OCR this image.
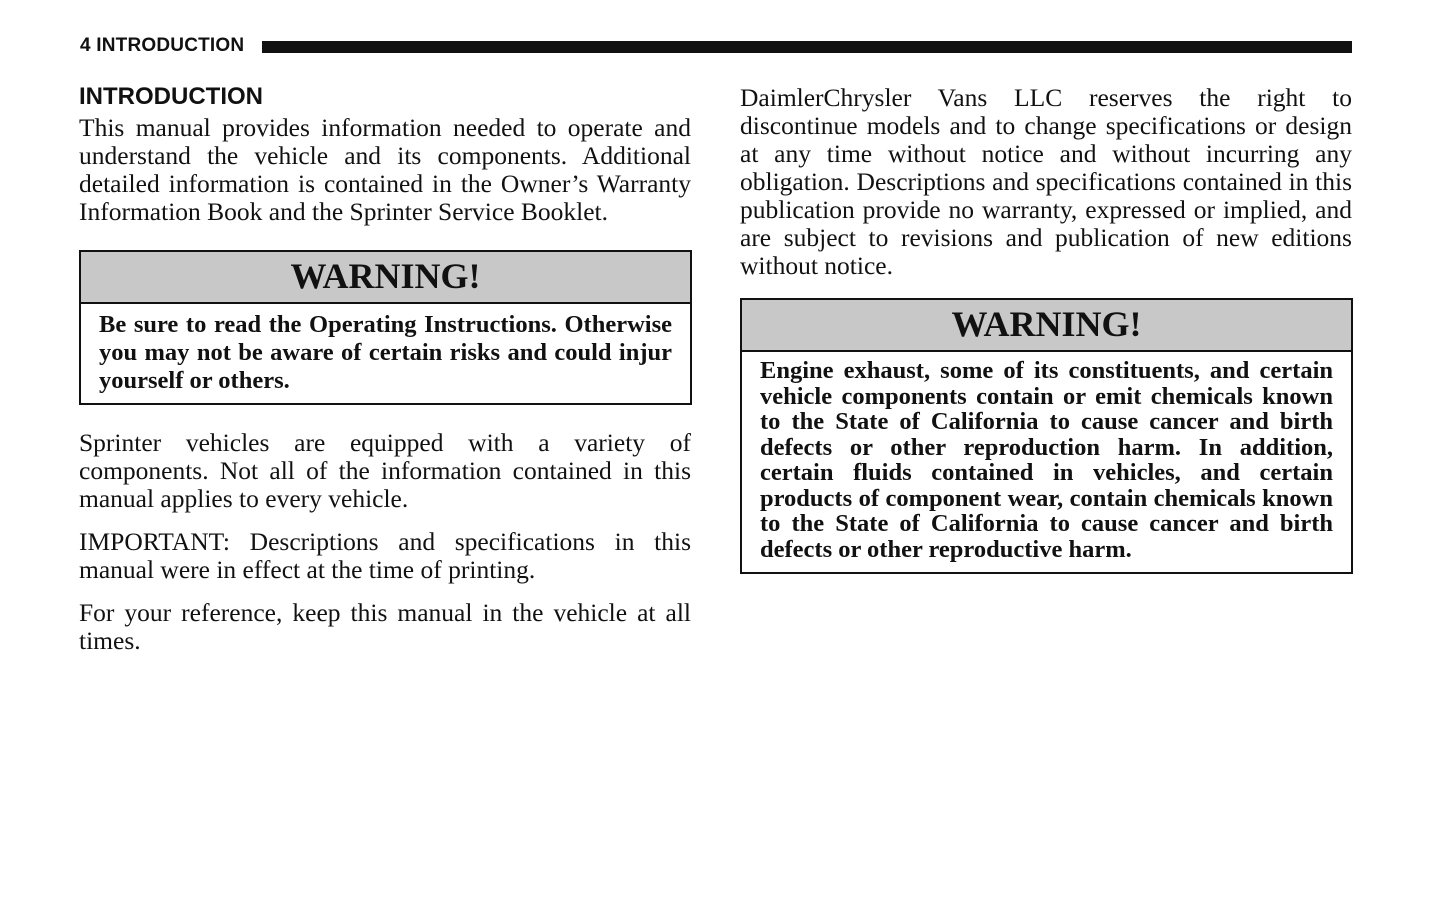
4 INTRODUCTION
INTRODUCTION

This manual provides information needed to operate and understand the vehicle and its components. Additional detailed information is contained in the Owner’s Warranty Information Book and the Sprinter Service Booklet.

WARNING!

Be sure to read the Operating Instructions. Otherwise you may not be aware of certain risks and could injur yourself or others.

Sprinter vehicles are equipped with a variety of components. Not all of the information contained in this manual applies to every vehicle.

IMPORTANT: Descriptions and specifications in this manual were in effect at the time of printing.

For your reference, keep this manual in the vehicle at all times.

DaimlerChrysler Vans LLC reserves the right to discontinue models and to change specifications or design at any time without notice and without incurring any obligation. Descriptions and specifications contained in this publication provide no warranty, expressed or implied, and are subject to revisions and publication of new editions without notice.

WARNING!

Engine exhaust, some of its constituents, and certain vehicle components contain or emit chemicals known to the State of California to cause cancer and birth defects or other reproduction harm. In addition, certain fluids contained in vehicles, and certain products of component wear, contain chemicals known to the State of California to cause cancer and birth defects or other reproductive harm.
